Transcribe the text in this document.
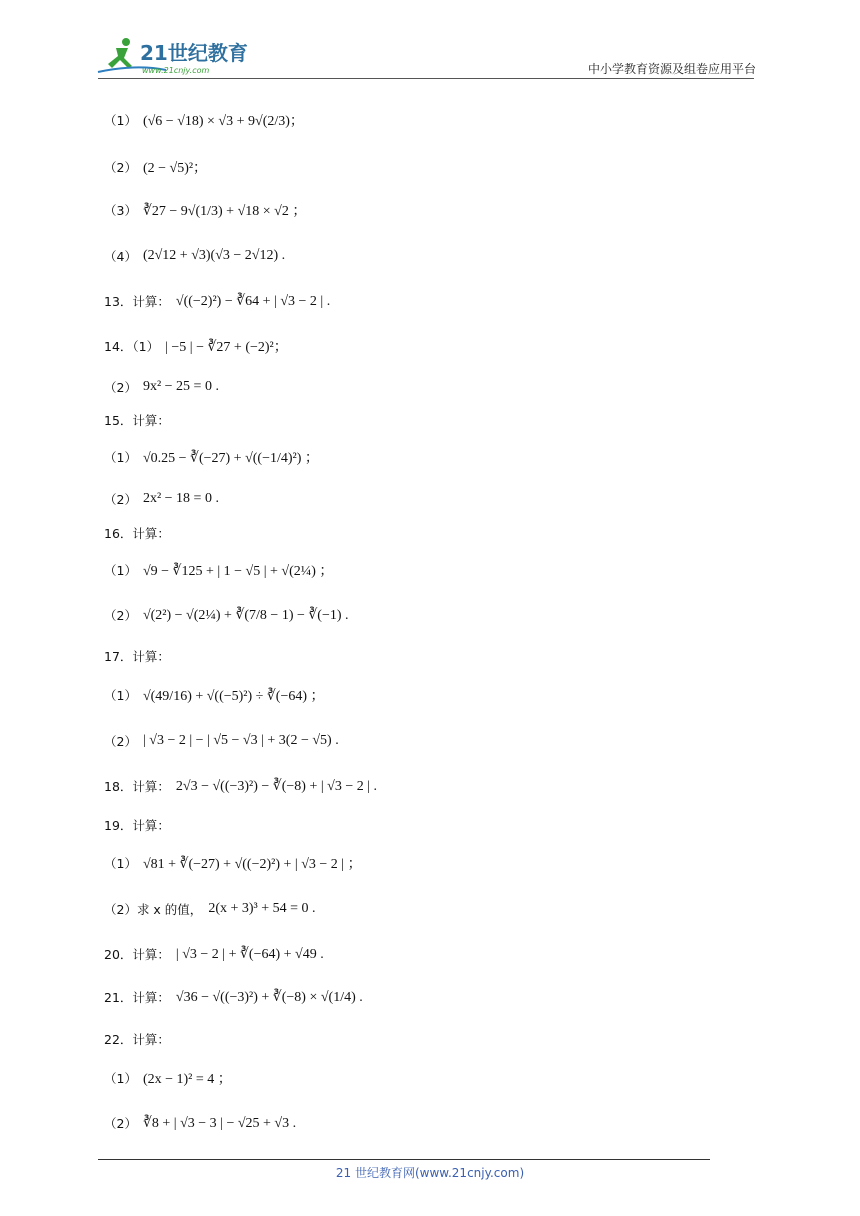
21世纪教育
www.21cnjy.com	中小学教育资源及组卷应用平台
（1） (√6 − √18) × √3 + 9√(2/3)；
（2） (2 − √5)²；
（3） ∛27 − 9√(1/3) + √18 × √2 ；
（4） (2√12 + √3)(√3 − 2√12) .
13．计算： √((−2)²) − ∛64 + | √3 − 2 | .
14．（1） | −5 | − ∛27 + (−2)²；
（2） 9x² − 25 = 0 .
15．计算：
（1） √0.25 − ∛(−27) + √((−1/4)²) ；
（2） 2x² − 18 = 0 .
16．计算：
（1） √9 − ∛125 + | 1 − √5 | + √(2¼) ；
（2） √(2²) − √(2¼) + ∛(7/8 − 1) − ∛(−1) .
17．计算：
（1） √(49/16) + √((−5)²) ÷ ∛(−64) ；
（2） | √3 − 2 | − | √5 − √3 | + 3(2 − √5) .
18．计算： 2√3 − √((−3)²) − ∛(−8) + | √3 − 2 | .
19．计算：
（1） √81 + ∛(−27) + √((−2)²) + | √3 − 2 | ；
（2）求 x 的值， 2(x + 3)³ + 54 = 0 .
20．计算： | √3 − 2 | + ∛(−64) + √49 .
21．计算： √36 − √((−3)²) + ∛(−8) × √(1/4) .
22．计算：
（1） (2x − 1)² = 4 ；
（2） ∛8 + | √3 − 3 | − √25 + √3 .
21 世纪教育网(www.21cnjy.com)
